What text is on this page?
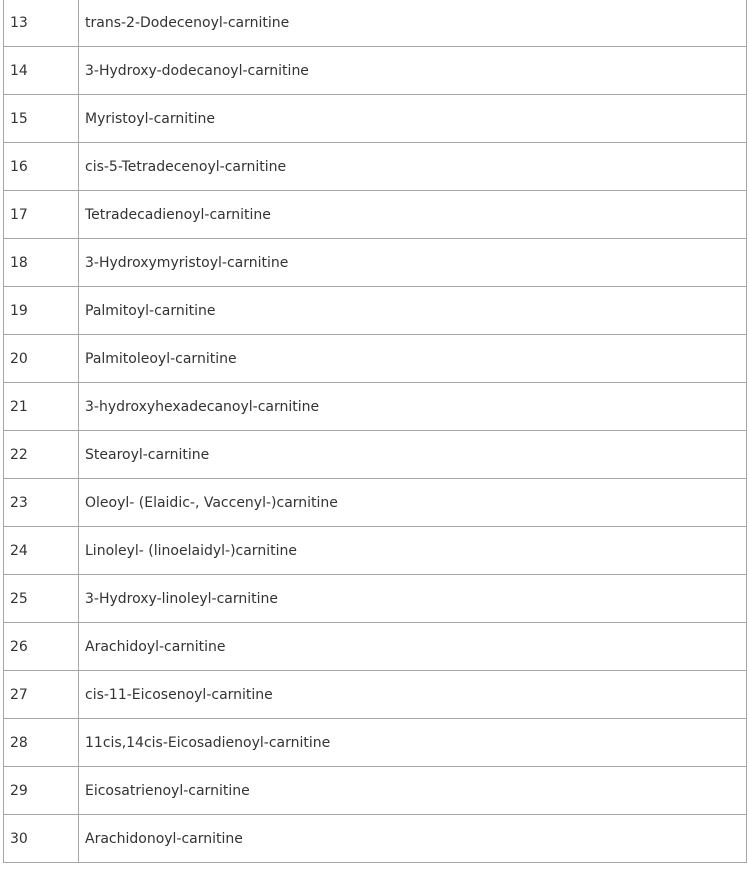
13	trans-2-Dodecenoyl-carnitine
14	3-Hydroxy-dodecanoyl-carnitine
15	Myristoyl-carnitine
16	cis-5-Tetradecenoyl-carnitine
17	Tetradecadienoyl-carnitine
18	3-Hydroxymyristoyl-carnitine
19	Palmitoyl-carnitine
20	Palmitoleoyl-carnitine
21	3-hydroxyhexadecanoyl-carnitine
22	Stearoyl-carnitine
23	Oleoyl- (Elaidic-, Vaccenyl-)carnitine
24	Linoleyl- (linoelaidyl-)carnitine
25	3-Hydroxy-linoleyl-carnitine
26	Arachidoyl-carnitine
27	cis-11-Eicosenoyl-carnitine
28	11cis,14cis-Eicosadienoyl-carnitine
29	Eicosatrienoyl-carnitine
30	Arachidonoyl-carnitine
